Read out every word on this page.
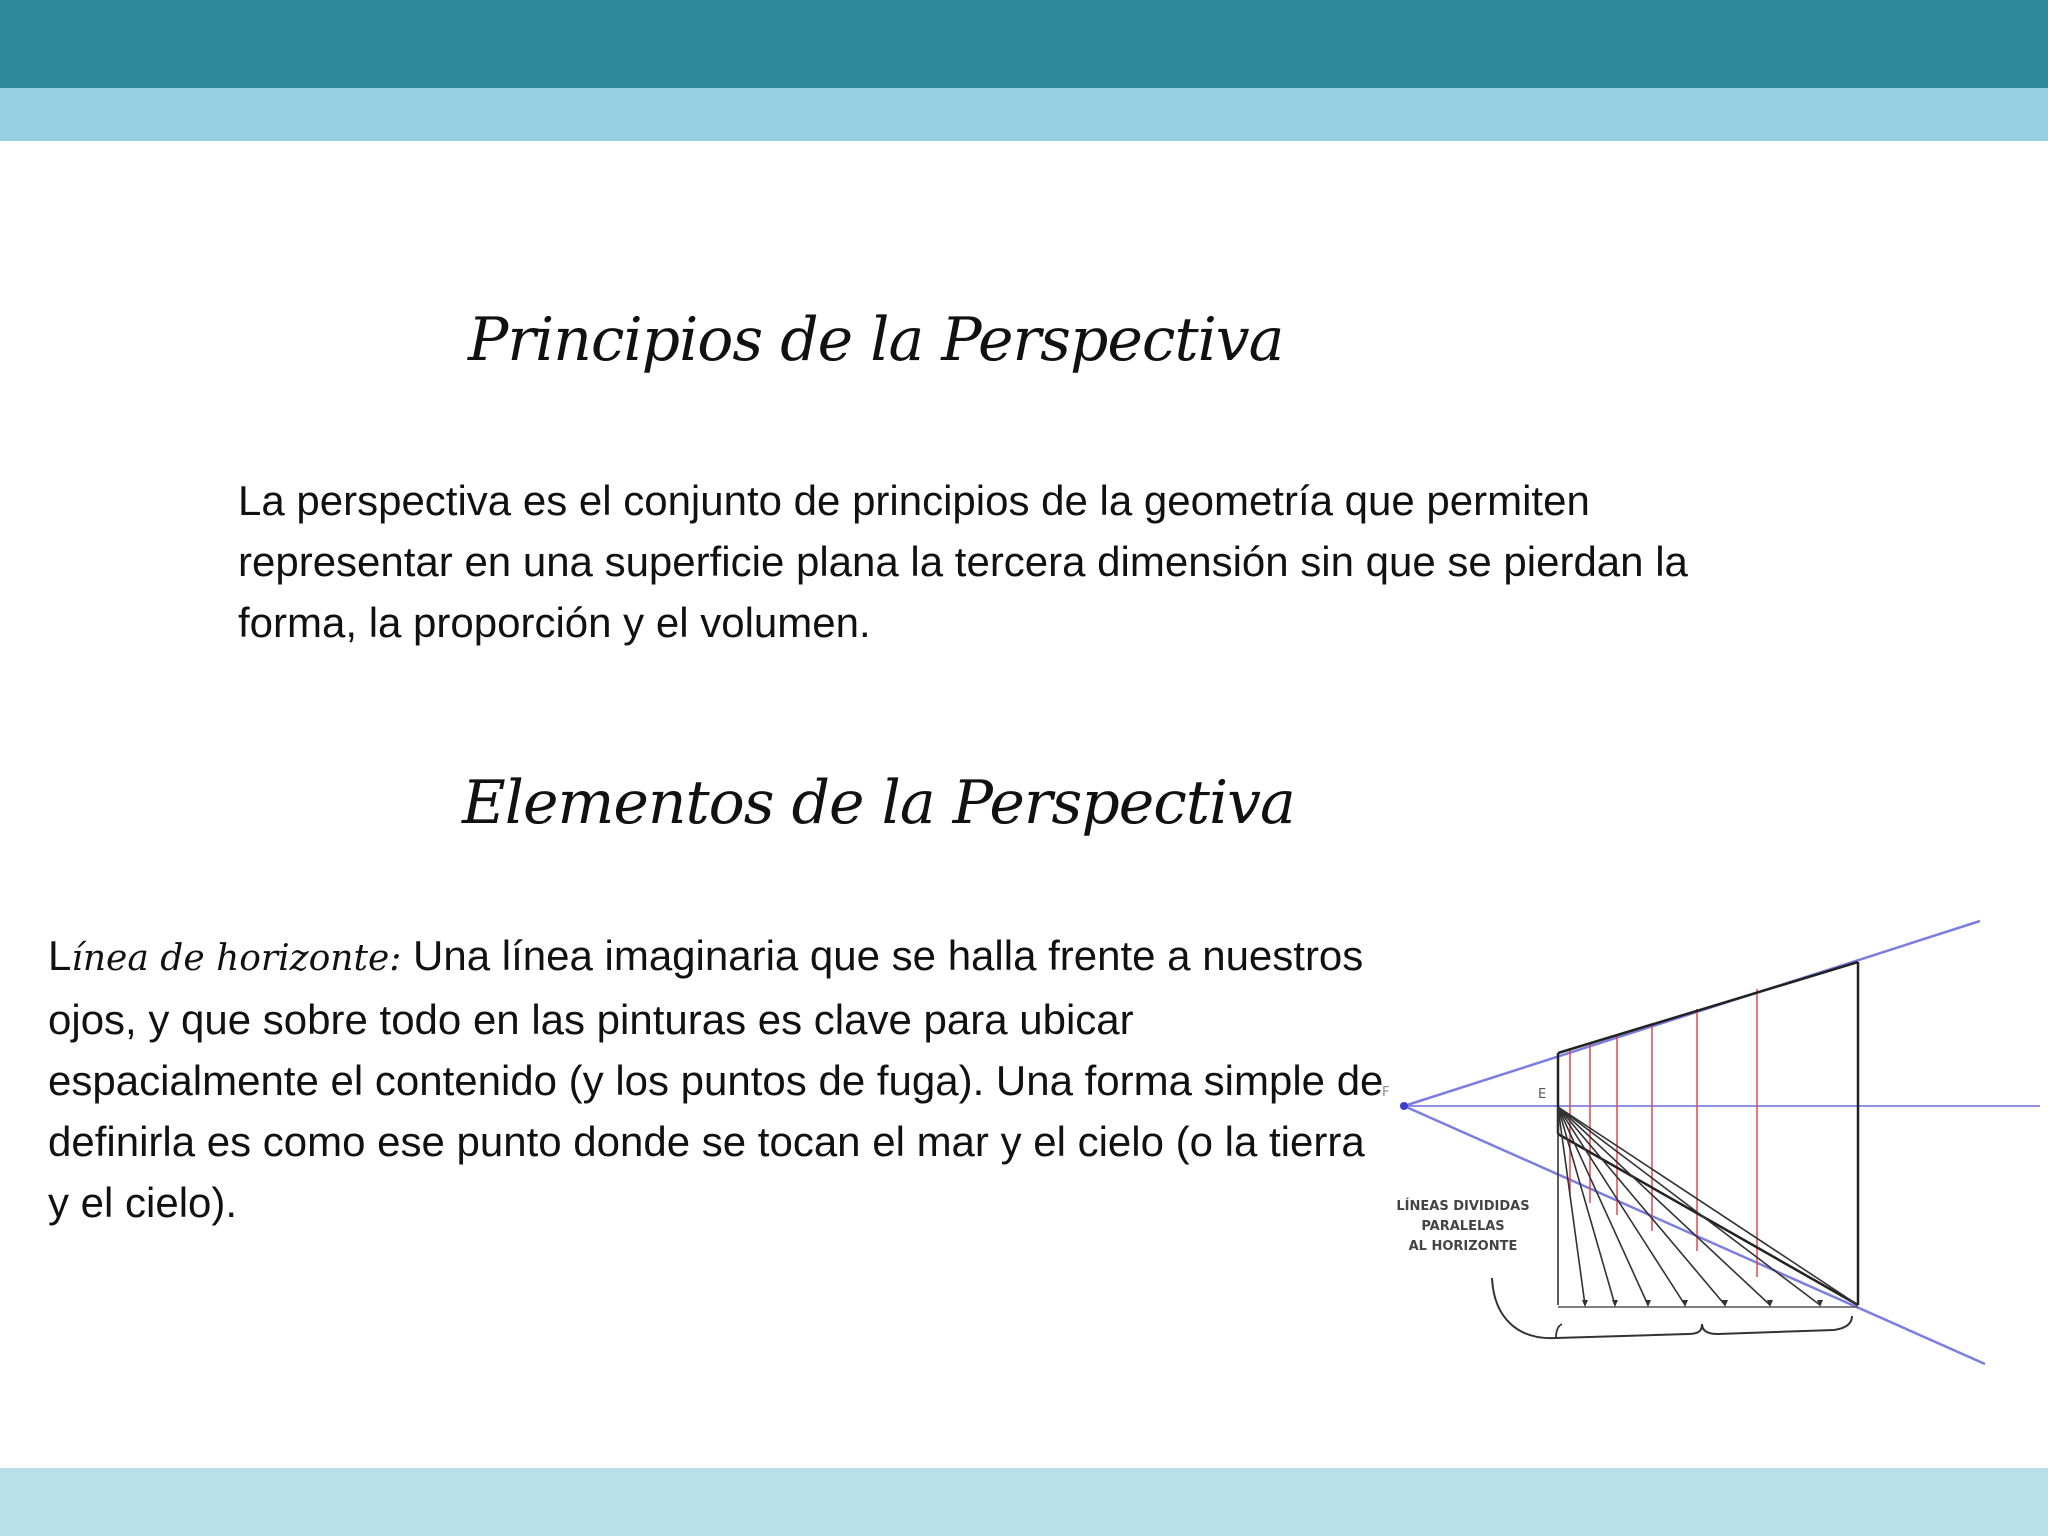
Principios de la Perspectiva
La perspectiva es el conjunto de principios de la geometría que permiten representar en una superficie plana la tercera dimensión sin que se pierdan la forma, la proporción y el volumen.
Elementos de la Perspectiva
Línea de horizonte: Una línea imaginaria que se halla frente a nuestros ojos, y que sobre todo en las pinturas es clave para ubicar espacialmente el contenido (y los puntos de fuga). Una forma simple de definirla es como ese punto donde se tocan el mar y el cielo (o la tierra y el cielo).
F	E
LÍNEAS DIVIDIDAS
PARALELAS
AL HORIZONTE
